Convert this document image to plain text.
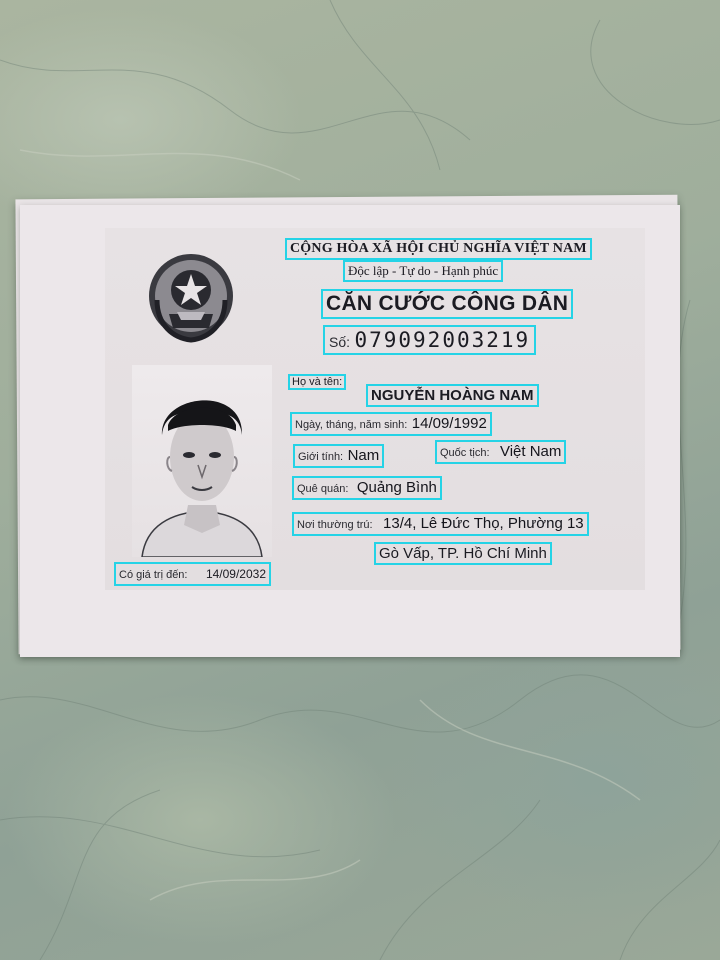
CỘNG HÒA XÃ HỘI CHỦ NGHĨA VIỆT NAM
Độc lập - Tự do - Hạnh phúc
CĂN CƯỚC CÔNG DÂN
Số: 079092003219
Họ và tên:
NGUYỄN HOÀNG NAM
Ngày, tháng, năm sinh: 14/09/1992
Giới tính: Nam	Quốc tịch: Việt Nam
Quê quán: Quảng Bình
Nơi thường trú: 13/4, Lê Đức Thọ, Phường 13
Gò Vấp, TP. Hồ Chí Minh
Có giá trị đến: 14/09/2032
